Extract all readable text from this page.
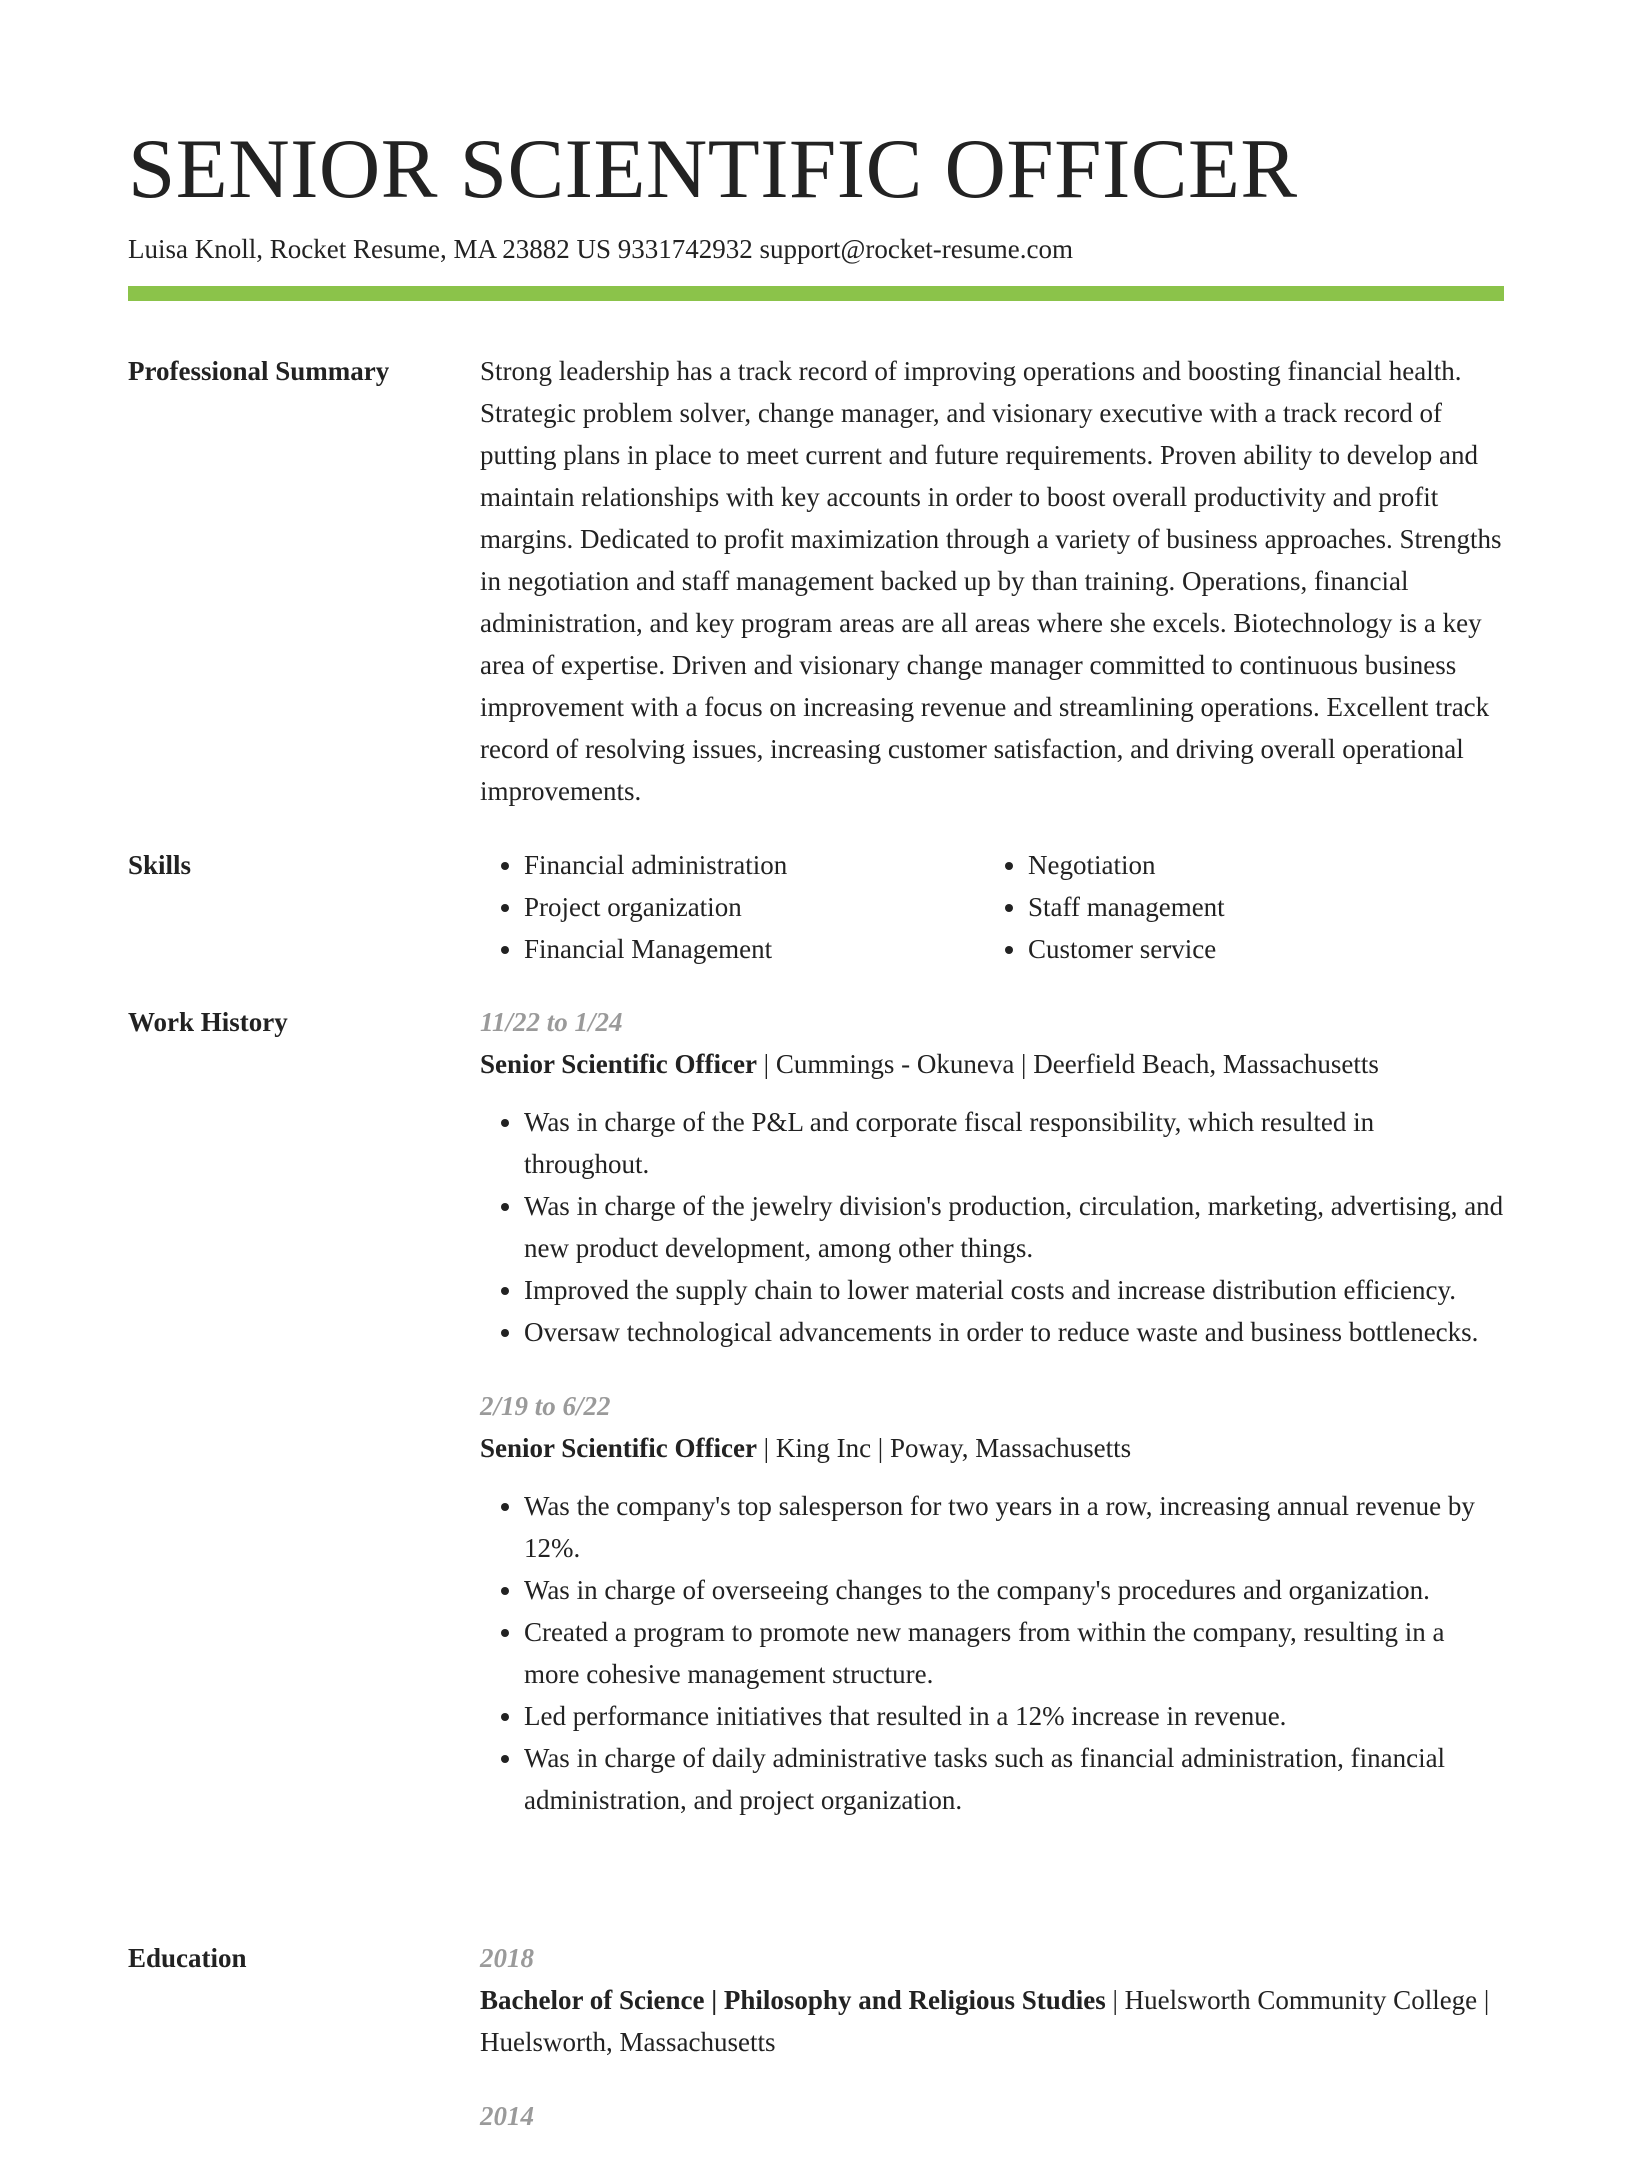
SENIOR SCIENTIFIC OFFICER
Luisa Knoll, Rocket Resume, MA 23882 US 9331742932 support@rocket-resume.com
Professional Summary	Strong leadership has a track record of improving operations and boosting financial health. Strategic problem solver, change manager, and visionary executive with a track record of putting plans in place to meet current and future requirements. Proven ability to develop and maintain relationships with key accounts in order to boost overall productivity and profit margins. Dedicated to profit maximization through a variety of business approaches. Strengths in negotiation and staff management backed up by than training. Operations, financial administration, and key program areas are all areas where she excels. Biotechnology is a key area of expertise. Driven and visionary change manager committed to continuous business improvement with a focus on increasing revenue and streamlining operations. Excellent track record of resolving issues, increasing customer satisfaction, and driving overall operational improvements.

Skills
•	Financial administration
• Project organization
• Financial Management
• Negotiation
• Staff management
• Customer service
Work History	11/22 to 1/24
Senior Scientific Officer | Cummings - Okuneva | Deerfield Beach, Massachusetts
• Was in charge of the P&L and corporate fiscal responsibility, which resulted in throughout.
• Was in charge of the jewelry division's production, circulation, marketing, advertising, and new product development, among other things.
• Improved the supply chain to lower material costs and increase distribution efficiency.
• Oversaw technological advancements in order to reduce waste and business bottlenecks.
2/19 to 6/22
Senior Scientific Officer | King Inc | Poway, Massachusetts
• Was the company's top salesperson for two years in a row, increasing annual revenue by 12%.
• Was in charge of overseeing changes to the company's procedures and organization.
• Created a program to promote new managers from within the company, resulting in a more cohesive management structure.
• Led performance initiatives that resulted in a 12% increase in revenue.
• Was in charge of daily administrative tasks such as financial administration, financial administration, and project organization.
Education	2018
Bachelor of Science | Philosophy and Religious Studies | Huelsworth Community College | Huelsworth, Massachusetts
2014
